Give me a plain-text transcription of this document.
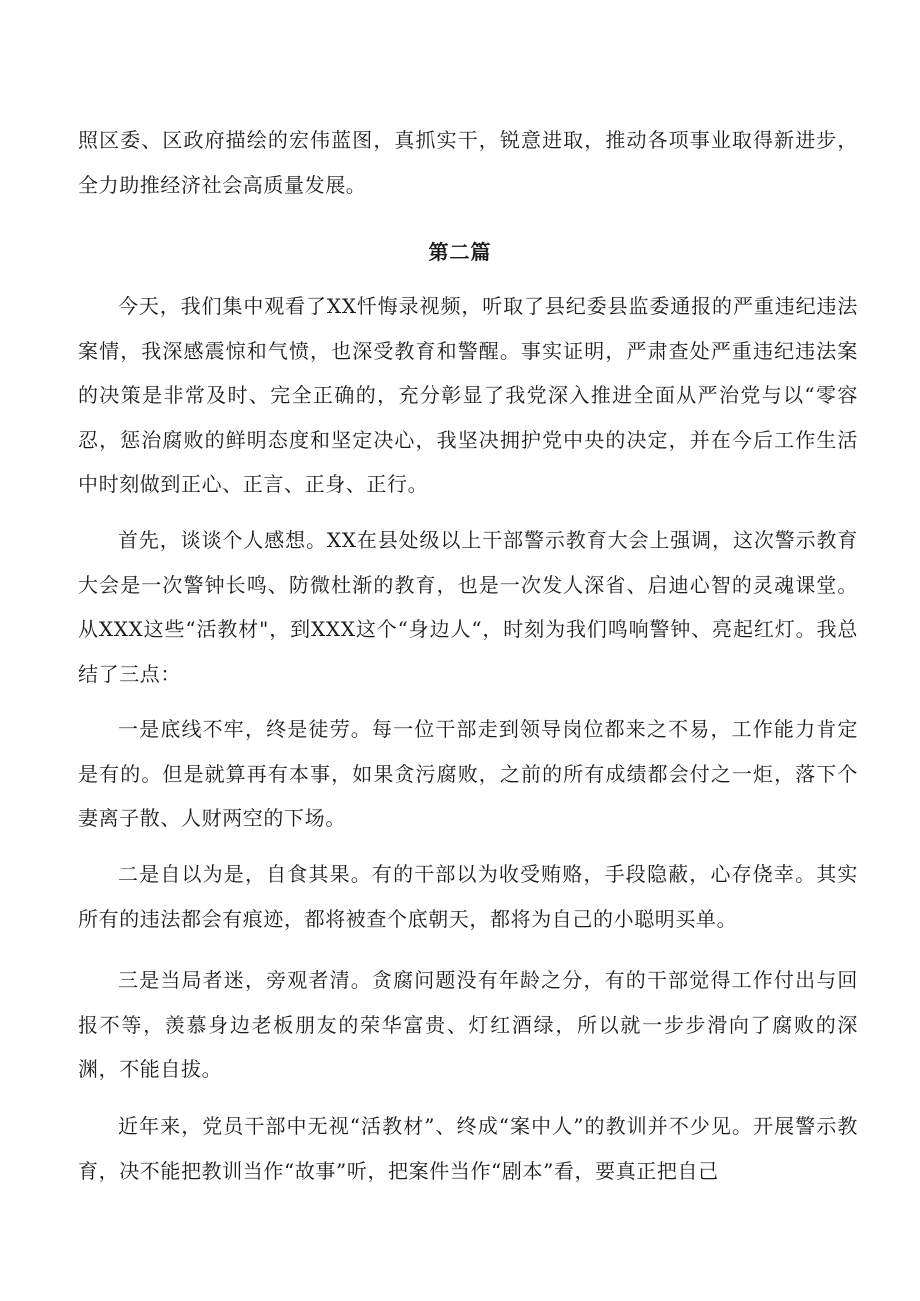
照区委、区政府描绘的宏伟蓝图，真抓实干，锐意进取，推动各项事业取得新进步，全力助推经济社会高质量发展。

第二篇

今天，我们集中观看了XX忏悔录视频，听取了县纪委县监委通报的严重违纪违法案情，我深感震惊和气愤，也深受教育和警醒。事实证明，严肃查处严重违纪违法案的决策是非常及时、完全正确的，充分彰显了我党深入推进全面从严治党与以“零容忍，惩治腐败的鲜明态度和坚定决心，我坚决拥护党中央的决定，并在今后工作生活中时刻做到正心、正言、正身、正行。

首先，谈谈个人感想。XX在县处级以上干部警示教育大会上强调，这次警示教育大会是一次警钟长鸣、防微杜渐的教育，也是一次发人深省、启迪心智的灵魂课堂。从XXX这些“活教材"，到XXX这个“身边人“，时刻为我们鸣响警钟、亮起红灯。我总结了三点：

一是底线不牢，终是徒劳。每一位干部走到领导岗位都来之不易，工作能力肯定是有的。但是就算再有本事，如果贪污腐败，之前的所有成绩都会付之一炬，落下个妻离子散、人财两空的下场。

二是自以为是，自食其果。有的干部以为收受贿赂，手段隐蔽，心存侥幸。其实所有的违法都会有痕迹，都将被查个底朝天，都将为自己的小聪明买单。

三是当局者迷，旁观者清。贪腐问题没有年龄之分，有的干部觉得工作付出与回报不等，羡慕身边老板朋友的荣华富贵、灯红酒绿，所以就一步步滑向了腐败的深渊，不能自拔。

近年来，党员干部中无视“活教材”、终成“案中人”的教训并不少见。开展警示教育，决不能把教训当作“故事”听，把案件当作“剧本”看，要真正把自己
